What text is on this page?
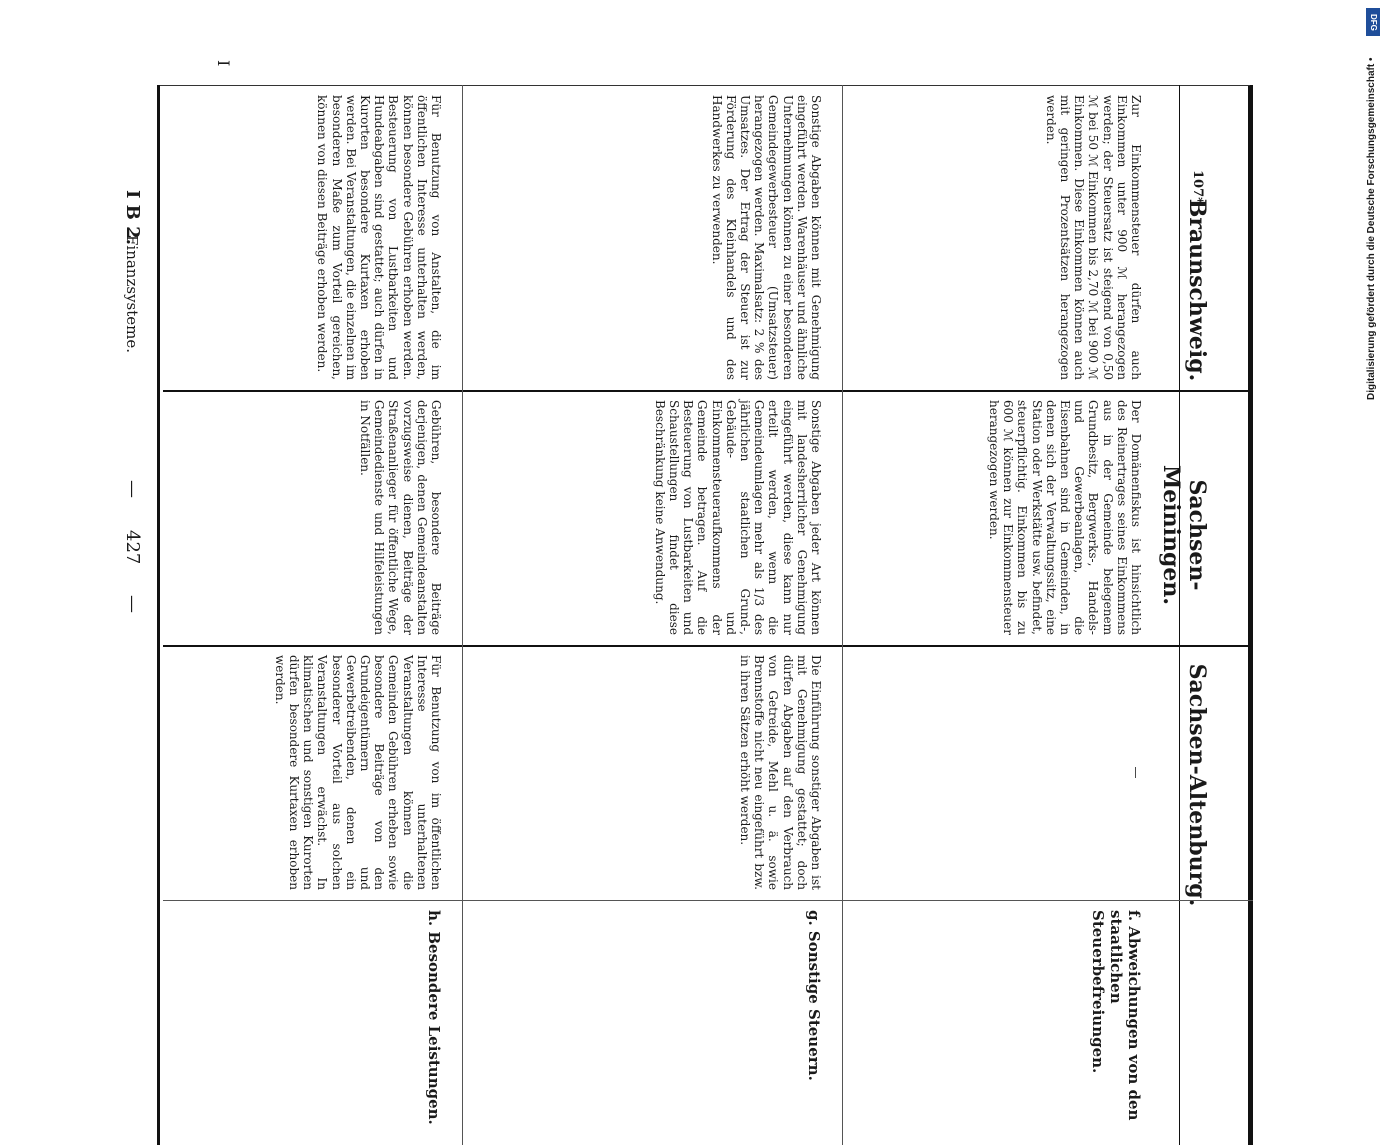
I B 2.
Finanzsysteme.
—
427
—
Braunschweig.
Sachsen-Meiningen.
Sachsen-Altenburg.
Zur Einkommensteuer dürfen auch Einkommen unter 900 ℳ herangezogen werden; der Steuersatz ist steigend von 0,50 ℳ bei 50 ℳ Einkommen bis 2,70 ℳ bei 900 ℳ Einkommen. Diese Einkommen können auch mit geringen Prozentsätzen herangezogen werden.
Der Domänenfiskus ist hinsichtlich des Reinertrages seines Einkommens aus in der Gemeinde belegenem Grundbesitz, Bergwerks-, Handels- und Gewerbeanlagen, die Eisenbahnen sind in Gemeinden, in denen sich der Verwaltungssitz, eine Station oder Werkstätte usw. befindet, steuerpflichtig. Einkommen bis zu 600 ℳ können zur Einkommensteuer herangezogen werden.
—
f. Abweichungen von den staatlichen Steuerbefreiungen.
Sonstige Abgaben können mit Genehmigung eingeführt werden. Warenhäuser und ähnliche Unternehmungen können zu einer besonderen Gemeindegewerbesteuer (Umsatzsteuer) herangezogen werden. Maximalsatz: 2 % des Umsatzes. Der Ertrag der Steuer ist zur Förderung des Kleinhandels und des Handwerkes zu verwenden.
Sonstige Abgaben jeder Art können mit landesherrlicher Genehmigung eingeführt werden, diese kann nur erteilt werden, wenn die Gemeindeumlagen mehr als 1/3 des jährlichen staatlichen Grund-, Gebäude- und Einkommensteueraufkommens der Gemeinde betragen. Auf die Besteuerung von Lustbarkeiten und Schaustellungen findet diese Beschränkung keine Anwendung.
Die Einführung sonstiger Abgaben ist mit Genehmigung gestattet; doch dürfen Abgaben auf den Verbrauch von Getreide, Mehl u. ä. sowie Brennstoffe nicht neu eingeführt bzw. in ihren Sätzen erhöht werden.
g. Sonstige Steuern.
Für Benutzung von Anstalten, die im öffentlichen Interesse unterhalten werden, können besondere Gebühren erhoben werden. Besteuerung von Lustbarkeiten und Hundeabgaben sind gestattet; auch dürfen in Kurorten besondere Kurtaxen erhoben werden. Bei Veranstaltungen, die einzelnen im besonderen Maße zum Vorteil gereichen, können von diesen Beiträge erhoben werden.
Gebühren, besondere Beiträge derjenigen, denen Gemeindeanstalten vorzugsweise dienen, Beiträge der Straßenanlieger für öffentliche Wege, Gemeindedienste und Hilfeleistungen in Notfällen.
Für Benutzung von im öffentlichen Interesse unterhaltenen Veranstaltungen können die Gemeinden Gebühren erheben sowie besondere Beiträge von den Grundeigentümern und Gewerbetreibenden, denen ein besonderer Vorteil aus solchen Veranstaltungen erwächst. In klimatischen und sonstigen Kurorten dürfen besondere Kurtaxen erhoben werden.
h. Besondere Leistungen.
I
107*
DFG
Digitalisierung gefördert durch die Deutsche Forschungsgemeinschaft •
